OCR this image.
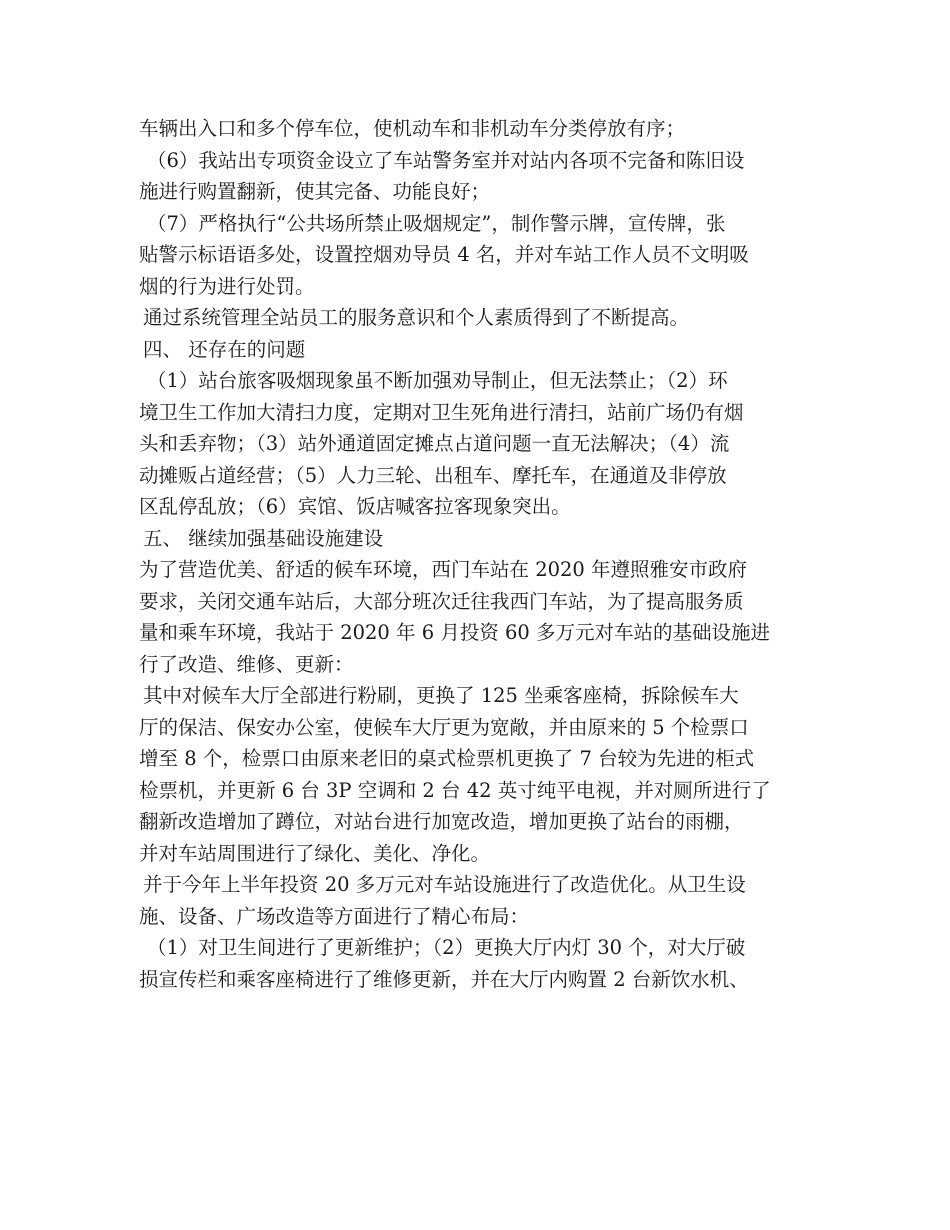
车辆出入口和多个停车位，使机动车和非机动车分类停放有序；
（6）我站出专项资金设立了车站警务室并对站内各项不完备和陈旧设
施进行购置翻新，使其完备、功能良好；
（7）严格执行“公共场所禁止吸烟规定”，制作警示牌，宣传牌，张
贴警示标语语多处，设置控烟劝导员 4 名，并对车站工作人员不文明吸
烟的行为进行处罚。
通过系统管理全站员工的服务意识和个人素质得到了不断提高。
四、 还存在的问题
（1）站台旅客吸烟现象虽不断加强劝导制止，但无法禁止；（2）环
境卫生工作加大清扫力度，定期对卫生死角进行清扫，站前广场仍有烟
头和丢弃物；（3）站外通道固定摊点占道问题一直无法解决；（4）流
动摊贩占道经营；（5）人力三轮、出租车、摩托车，在通道及非停放
区乱停乱放；（6）宾馆、饭店喊客拉客现象突出。
五、 继续加强基础设施建设
为了营造优美、舒适的候车环境，西门车站在 2020 年遵照雅安市政府
要求，关闭交通车站后，大部分班次迁往我西门车站，为了提高服务质
量和乘车环境，我站于 2020 年 6 月投资 60 多万元对车站的基础设施进
行了改造、维修、更新：
其中对候车大厅全部进行粉刷，更换了 125 坐乘客座椅，拆除候车大
厅的保洁、保安办公室，使候车大厅更为宽敞，并由原来的 5 个检票口
增至 8 个，检票口由原来老旧的桌式检票机更换了 7 台较为先进的柜式
检票机，并更新 6 台 3P 空调和 2 台 42 英寸纯平电视，并对厕所进行了
翻新改造增加了蹲位，对站台进行加宽改造，增加更换了站台的雨棚，
并对车站周围进行了绿化、美化、净化。
并于今年上半年投资 20 多万元对车站设施进行了改造优化。从卫生设
施、设备、广场改造等方面进行了精心布局：
（1）对卫生间进行了更新维护；（2）更换大厅内灯 30 个，对大厅破
损宣传栏和乘客座椅进行了维修更新，并在大厅内购置 2 台新饮水机、
